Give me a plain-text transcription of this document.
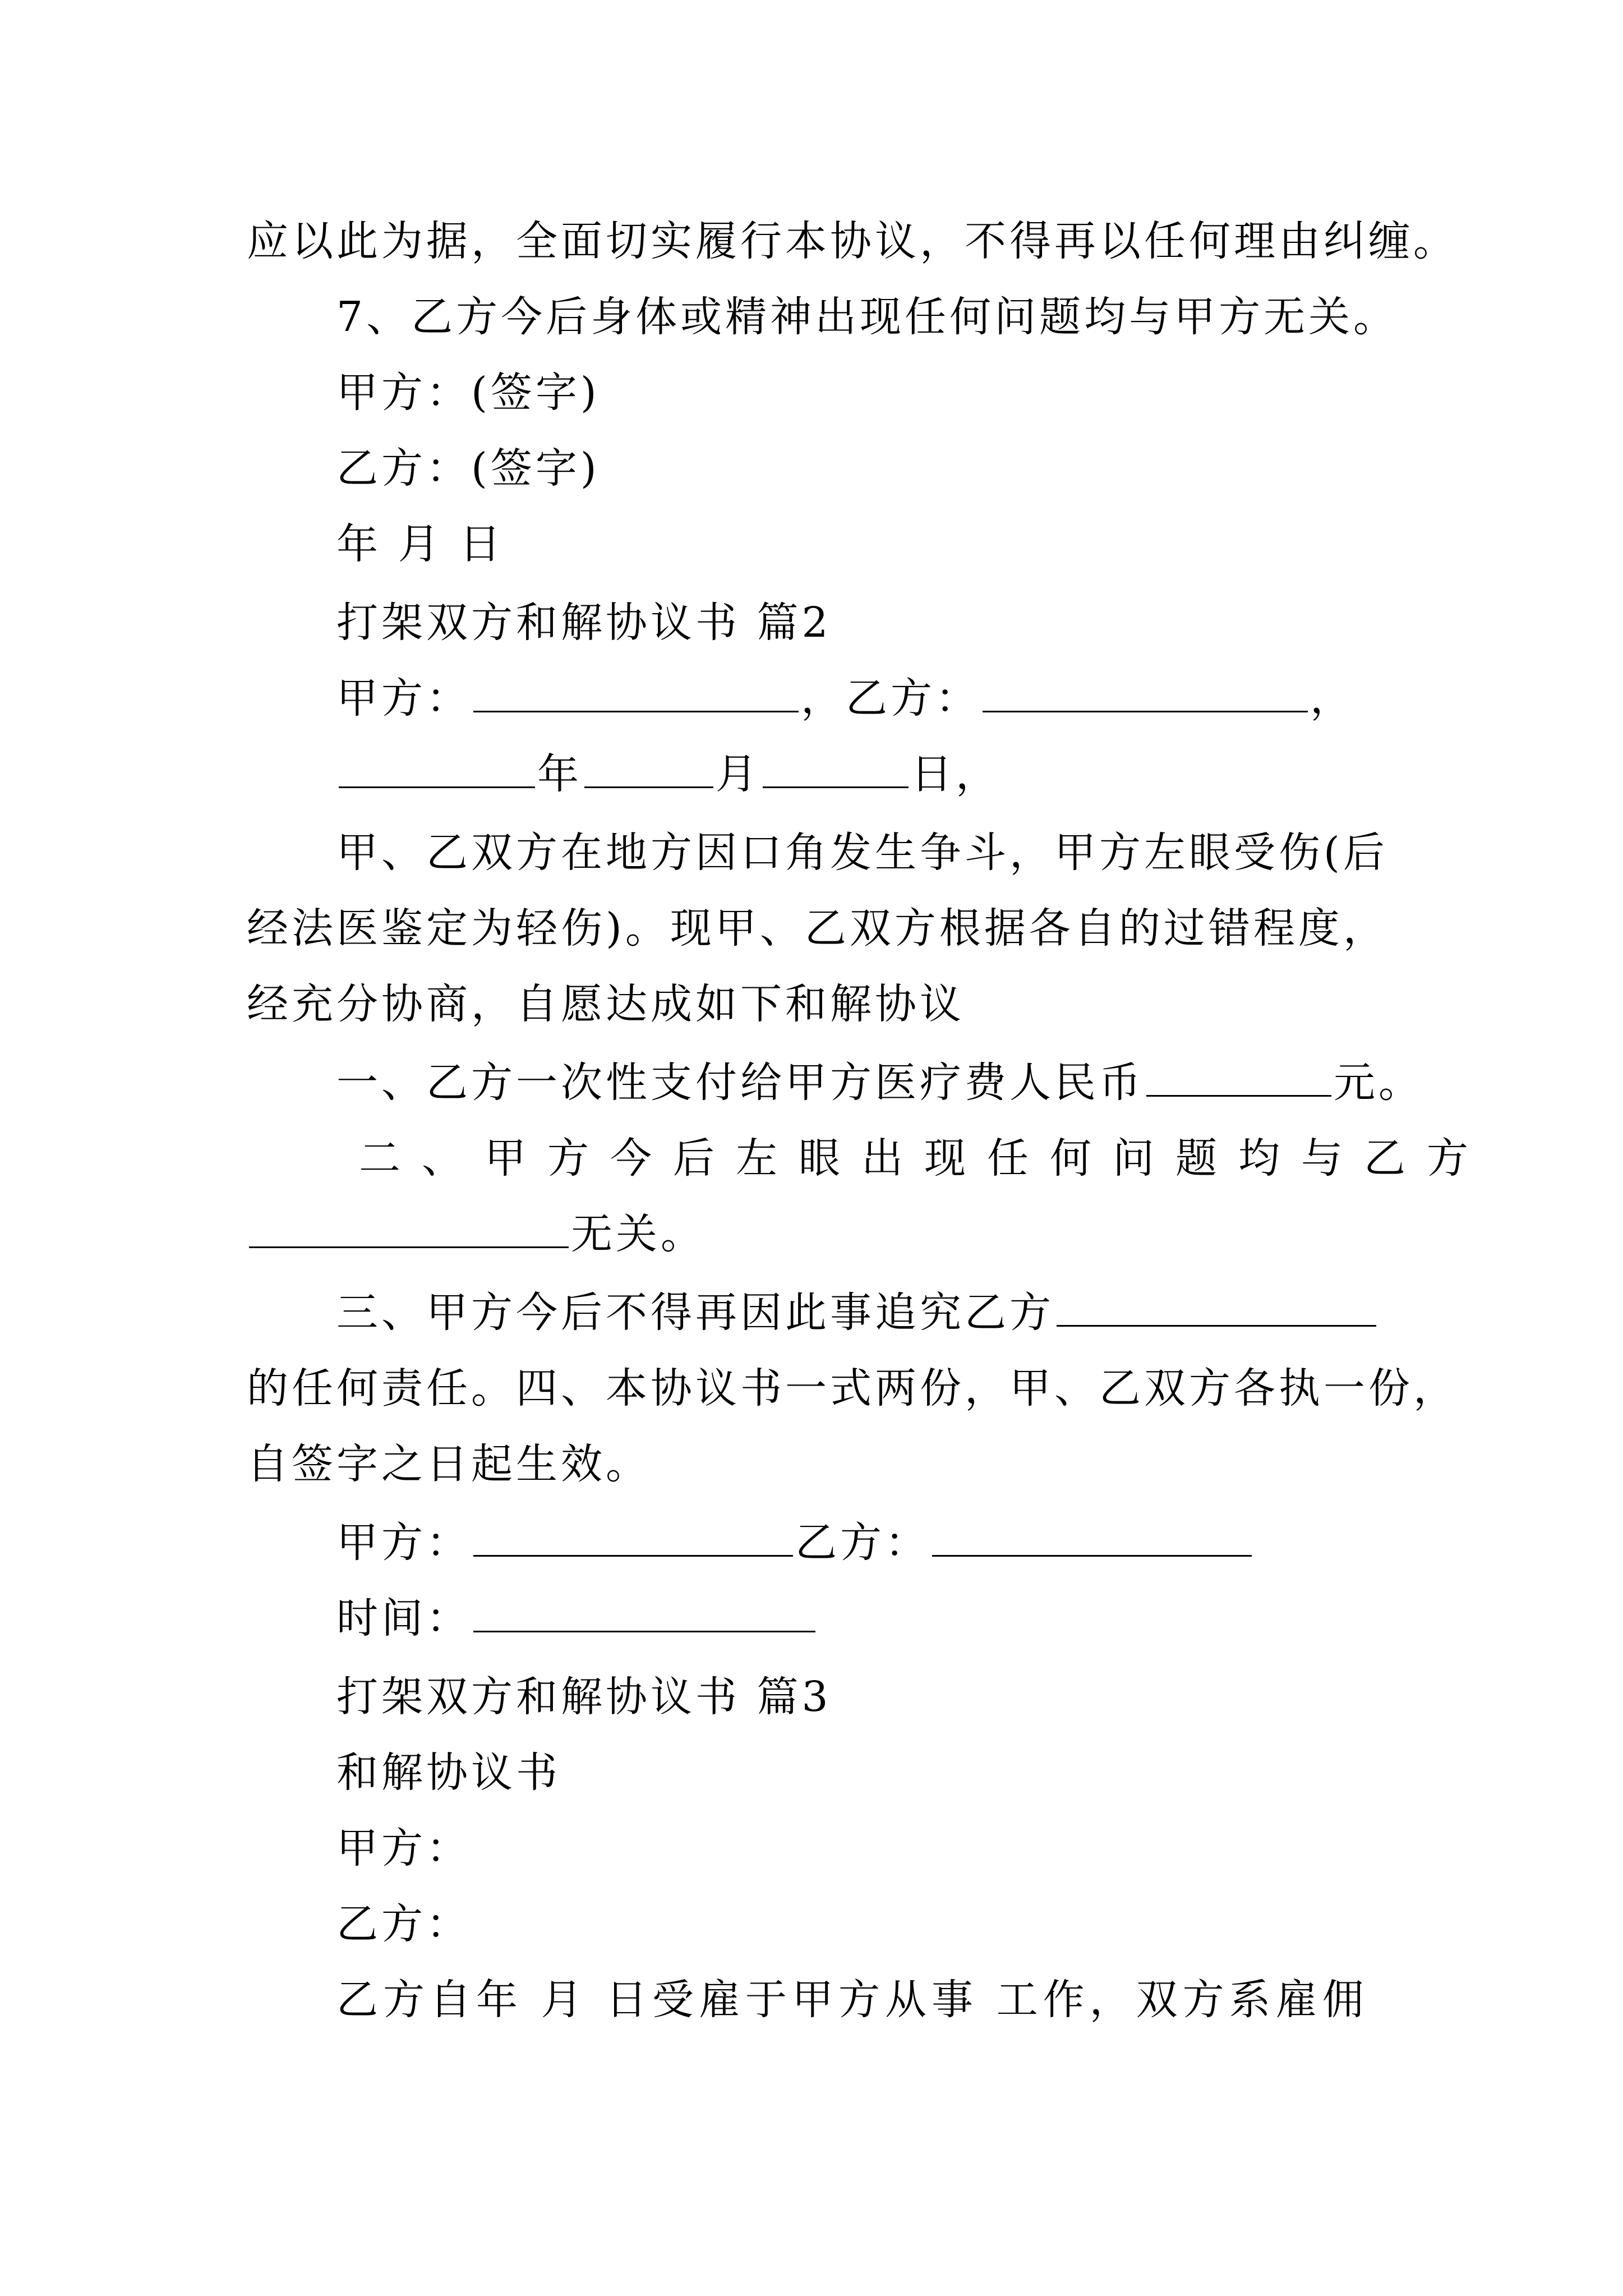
应以此为据，全面切实履行本协议，不得再以任何理由纠缠。
7、乙方今后身体或精神出现任何问题均与甲方无关。
甲方：(签字)
乙方：(签字)
年 月 日
打架双方和解协议书 篇2
甲方：	，乙方：	，
年	月	日，
甲、乙双方在地方因口角发生争斗，甲方左眼受伤(后
经法医鉴定为轻伤)。现甲、乙双方根据各自的过错程度，
经充分协商，自愿达成如下和解协议
一、乙方一次性支付给甲方医疗费人民币	元。
二、甲方今后左眼出现任何问题均与乙方
无关。
三、甲方今后不得再因此事追究乙方
的任何责任。四、本协议书一式两份，甲、乙双方各执一份，
自签字之日起生效。
甲方：	乙方：
时间：
打架双方和解协议书 篇3
和解协议书
甲方：
乙方：
乙方自年 月 日受雇于甲方从事 工作，双方系雇佣
